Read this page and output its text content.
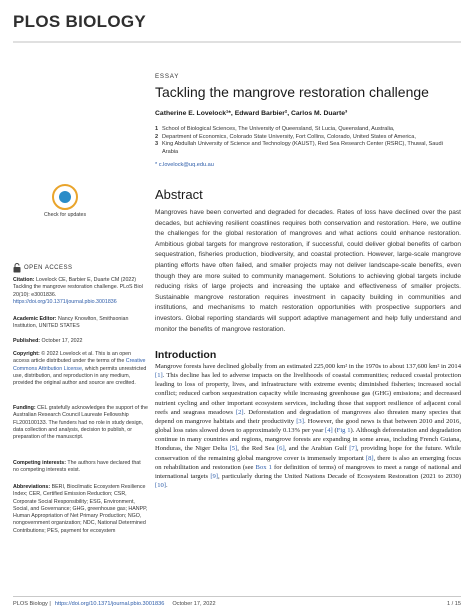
PLOS BIOLOGY
ESSAY
Tackling the mangrove restoration challenge
Catherine E. Lovelock¹*, Edward Barbier², Carlos M. Duarte³
1 School of Biological Sciences, The University of Queensland, St Lucia, Queensland, Australia,
2 Department of Economics, Colorado State University, Fort Collins, Colorado, United States of America,
3 King Abdullah University of Science and Technology (KAUST), Red Sea Research Center (RSRC), Thuwal, Saudi Arabia
* c.lovelock@uq.edu.au
Abstract
Mangroves have been converted and degraded for decades. Rates of loss have declined over the past decades, but achieving resilient coastlines requires both conservation and restoration. Here, we outline the challenges for the global restoration of mangroves and what actions could enhance restoration. Ambitious global targets for mangrove restoration, if successful, could deliver global benefits of carbon sequestration, fisheries production, biodiversity, and coastal protection. However, large-scale mangrove planting efforts have often failed, and smaller projects may not deliver landscape-scale benefits, even though they are more suited to community management. Solutions to achieving global targets include reducing risks of large projects and increasing the uptake and effectiveness of smaller projects. Sustainable mangrove restoration requires investment in capacity building in communities and institutions, and mechanisms to match restoration opportunities with prospective supporters and investors. Global reporting standards will support adaptive management and help fully understand and monitor the benefits of mangrove restoration.
Introduction
Mangrove forests have declined globally from an estimated 225,000 km² in the 1970s to about 137,600 km² in 2014 [1]. This decline has led to adverse impacts on the livelihoods of coastal communities; reduced coastal protection leading to loss of property, lives, and infrastructure with extreme events; diminished fisheries; increased social conflict; reduced carbon sequestration capacity while increasing greenhouse gas (GHG) emissions; and decreased nutrient cycling and other important ecosystem services, including those that support resilience of adjacent coral reefs and seagrass meadows [2]. Deforestation and degradation of mangroves also threaten many species that depend on mangrove habitats and their productivity [3]. However, the good news is that between 2010 and 2016, global loss rates slowed down to approximately 0.13% per year [4] (Fig 1). Although deforestation and degradation continue in many countries and regions, mangrove forests are expanding in some areas, including French Guiana, Honduras, the Niger Delta [5], the Red Sea [6], and the Arabian Gulf [7], providing hope for the future. While conservation of the remaining global mangrove cover is immensely important [8], there is also an emerging focus on rehabilitation and restoration (see Box 1 for definition of terms) of mangroves to meet a range of national and international targets [9], particularly during the United Nations Decade of Ecosystem Restoration (2021 to 2030) [10].
Check for updates
OPEN ACCESS
Citation: Lovelock CE, Barbier E, Duarte CM (2022) Tackling the mangrove restoration challenge. PLoS Biol 20(10): e3001836. https://doi.org/10.1371/journal.pbio.3001836
Academic Editor: Nancy Knowlton, Smithsonian Institution, UNITED STATES
Published: October 17, 2022
Copyright: © 2022 Lovelock et al. This is an open access article distributed under the terms of the Creative Commons Attribution License, which permits unrestricted use, distribution, and reproduction in any medium, provided the original author and source are credited.
Funding: CEL gratefully acknowledges the support of the Australian Research Council Laureate Fellowship FL200100133. The funders had no role in study design, data collection and analysis, decision to publish, or preparation of the manuscript.
Competing interests: The authors have declared that no competing interests exist.
Abbreviations: BERI, Biocilmatic Ecosystem Resilience Index; CER, Certified Emission Reduction; CSR, Corporate Social Responsibility; ESG, Environment, Social, and Governance; GHG, greenhouse gas; HANPP, Human Appropriation of Net Primary Production; NGO, nongovernment organization; NDC, National Determined Contributions; PES, payment for ecosystem
PLOS Biology | https://doi.org/10.1371/journal.pbio.3001836 October 17, 2022	1 / 15
